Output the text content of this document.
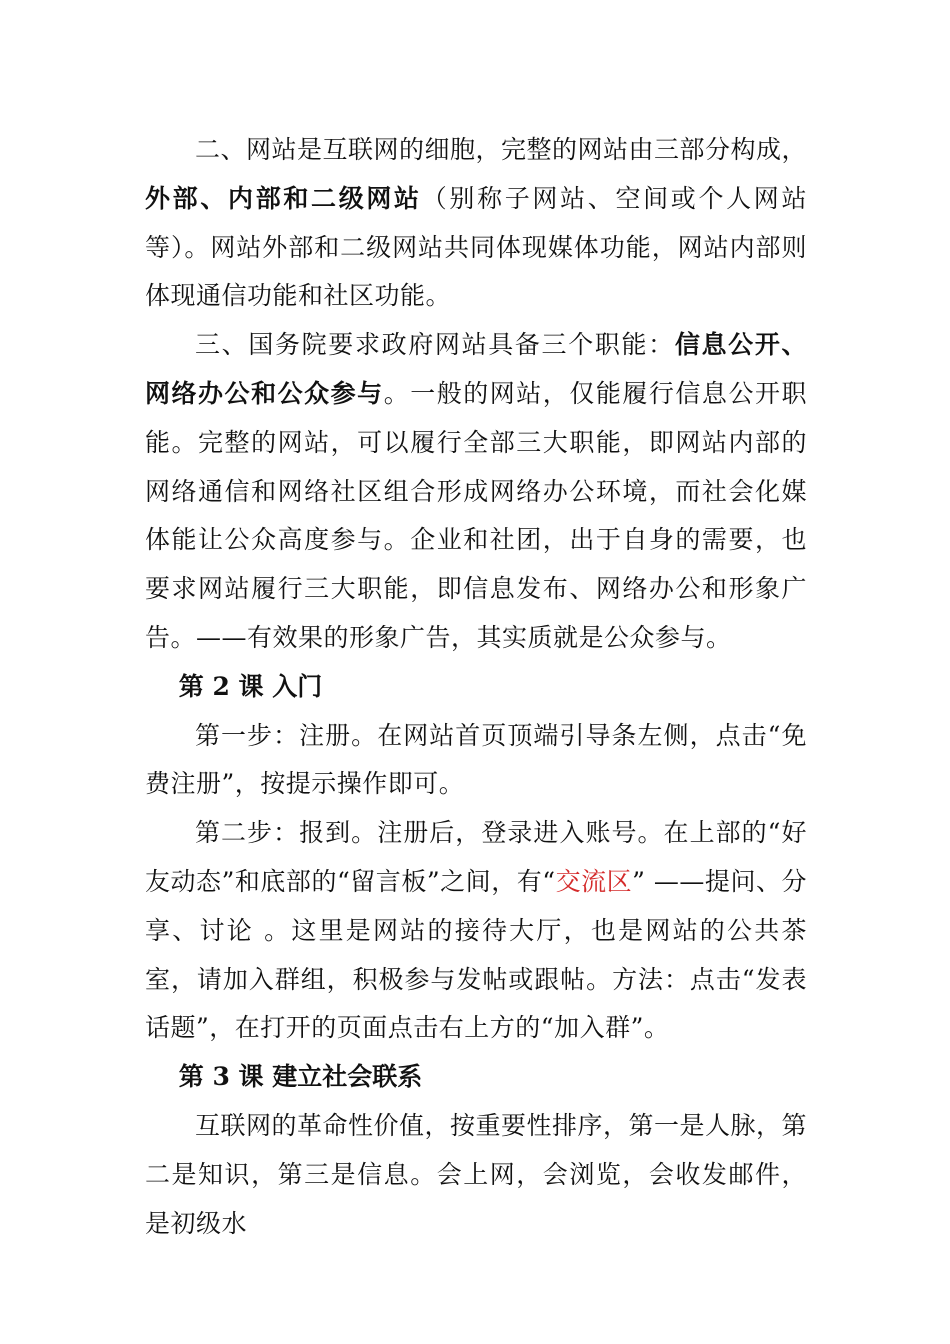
二、网站是互联网的细胞，完整的网站由三部分构成，外部、内部和二级网站（别称子网站、空间或个人网站等）。网站外部和二级网站共同体现媒体功能，网站内部则体现通信功能和社区功能。

三、国务院要求政府网站具备三个职能：信息公开、网络办公和公众参与。一般的网站，仅能履行信息公开职能。完整的网站，可以履行全部三大职能，即网站内部的网络通信和网络社区组合形成网络办公环境，而社会化媒体能让公众高度参与。企业和社团，出于自身的需要，也要求网站履行三大职能，即信息发布、网络办公和形象广告。——有效果的形象广告，其实质就是公众参与。

第 2 课 入门

第一步：注册。在网站首页顶端引导条左侧，点击“免费注册”，按提示操作即可。

第二步：报到。注册后，登录进入账号。在上部的“好友动态”和底部的“留言板”之间，有“交流区” ——提问、分享、讨论 。这里是网站的接待大厅，也是网站的公共茶室，请加入群组，积极参与发帖或跟帖。方法：点击“发表话题”，在打开的页面点击右上方的“加入群”。

第 3 课 建立社会联系

互联网的革命性价值，按重要性排序，第一是人脉，第二是知识，第三是信息。会上网，会浏览，会收发邮件，是初级水
